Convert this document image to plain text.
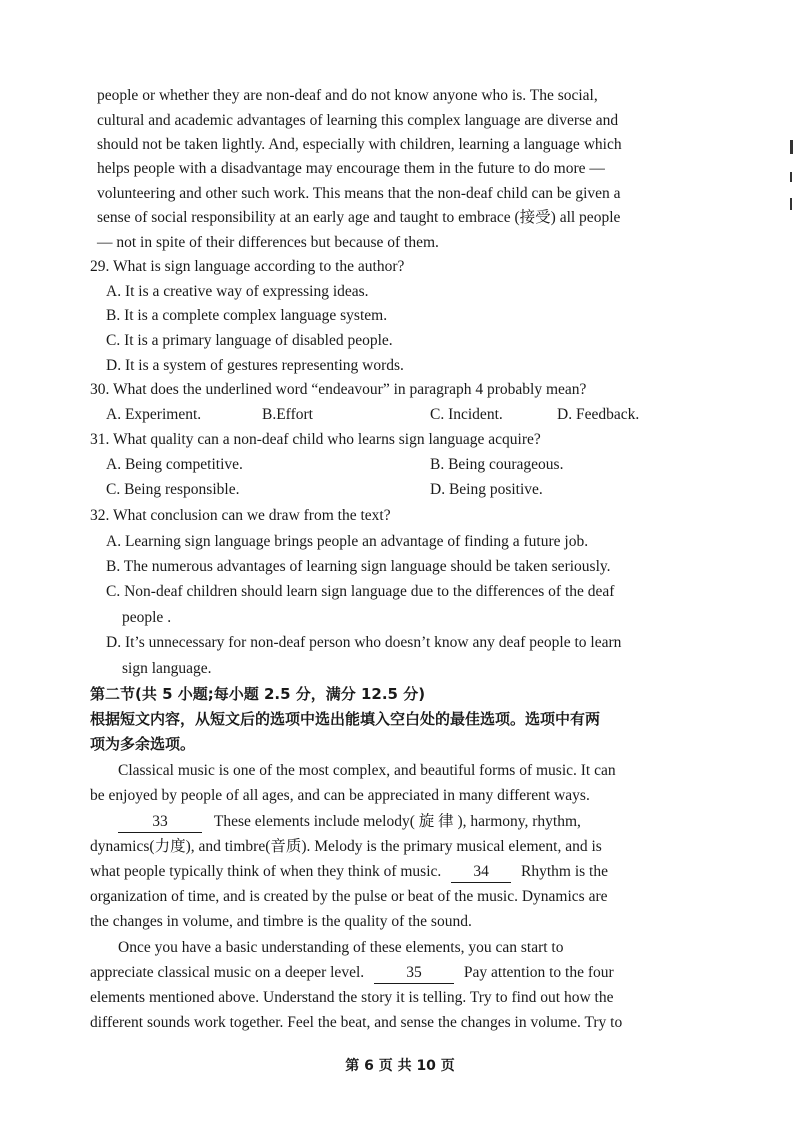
people or whether they are non-deaf and do not know anyone who is. The social,
cultural and academic advantages of learning this complex language are diverse and
should not be taken lightly. And, especially with children, learning a language which
helps people with a disadvantage may encourage them in the future to do more —
volunteering and other such work. This means that the non-deaf child can be given a
sense of social responsibility at an early age and taught to embrace (接受) all people
— not in spite of their differences but because of them.
29. What is sign language according to the author?
A. It is a creative way of expressing ideas.
B. It is a complete complex language system.
C. It is a primary language of disabled people.
D. It is a system of gestures representing words.
30. What does the underlined word “endeavour” in paragraph 4 probably mean?
A. Experiment.	B.Effort	C. Incident.	D. Feedback.
31. What quality can a non-deaf child who learns sign language acquire?
A. Being competitive.	B. Being courageous.
C. Being responsible.	D. Being positive.
32. What conclusion can we draw from the text?
A. Learning sign language brings people an advantage of finding a future job.
B. The numerous advantages of learning sign language should be taken seriously.
C. Non-deaf children should learn sign language due to the differences of the deaf
people .
D. It’s unnecessary for non-deaf person who doesn’t know any deaf people to learn
sign language.
第二节(共 5 小题;每小题 2.5 分，满分 12.5 分)
根据短文内容，从短文后的选项中选出能填入空白处的最佳选项。选项中有两
项为多余选项。
Classical music is one of the most complex, and beautiful forms of music. It can
be enjoyed by people of all ages, and can be appreciated in many different ways.
33	These elements include melody( 旋 律 ), harmony, rhythm,
dynamics(力度), and timbre(音质). Melody is the primary musical element, and is
what people typically think of when they think of music. 34 Rhythm is the
organization of time, and is created by the pulse or beat of the music. Dynamics are
the changes in volume, and timbre is the quality of the sound.
Once you have a basic understanding of these elements, you can start to
appreciate classical music on a deeper level.	35	Pay attention to the four
elements mentioned above. Understand the story it is telling. Try to find out how the
different sounds work together. Feel the beat, and sense the changes in volume. Try to
第 6 页 共 10 页
